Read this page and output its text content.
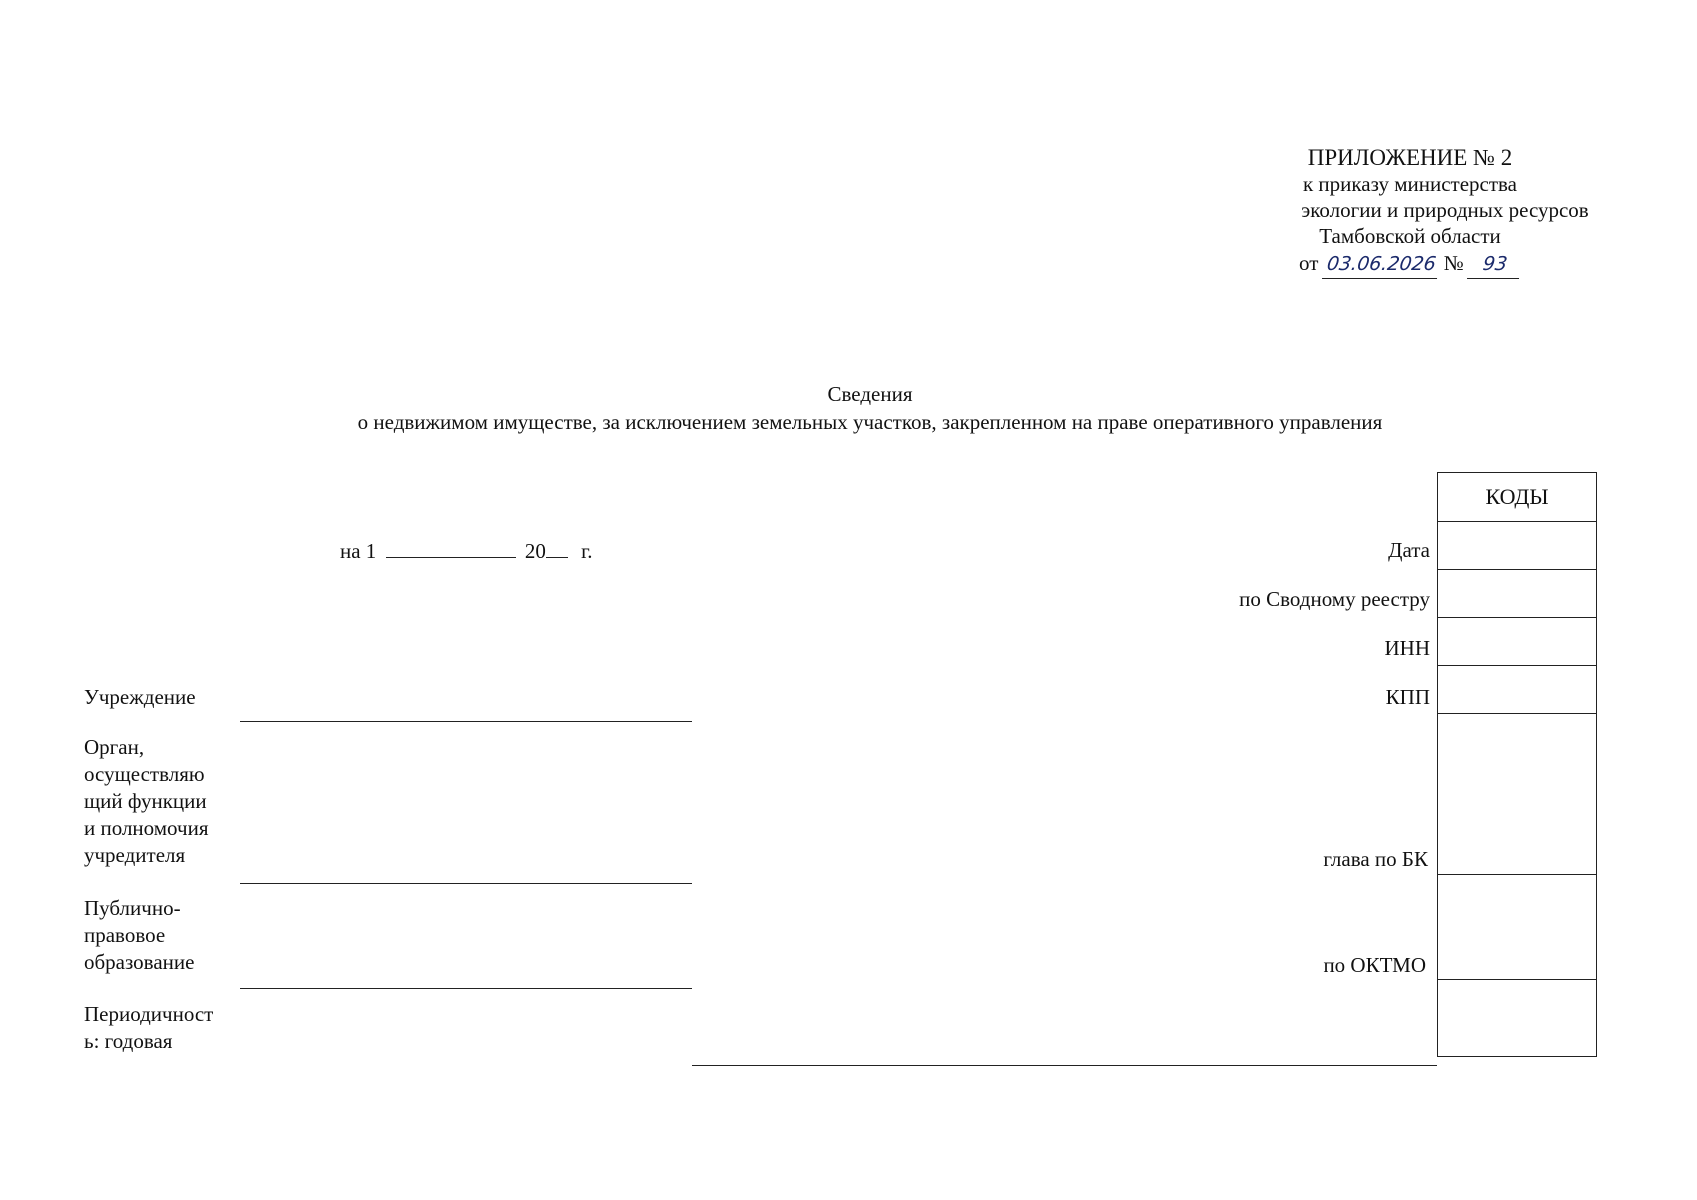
ПРИЛОЖЕНИЕ № 2
к приказу министерства
экологии и природных ресурсов
Тамбовской области
от 03.06.2026 № 93
Сведения
о недвижимом имуществе, за исключением земельных участков, закрепленном на праве оперативного управления
на 1	20 г.
КОДЫ

Дата
по Сводному реестру
ИНН
КПП
глава по БК
по ОКТМО
Учреждение
Орган,
осуществляю
щий функции
и полномочия
учредителя
Публично-
правовое
образование
Периодичност
ь: годовая
